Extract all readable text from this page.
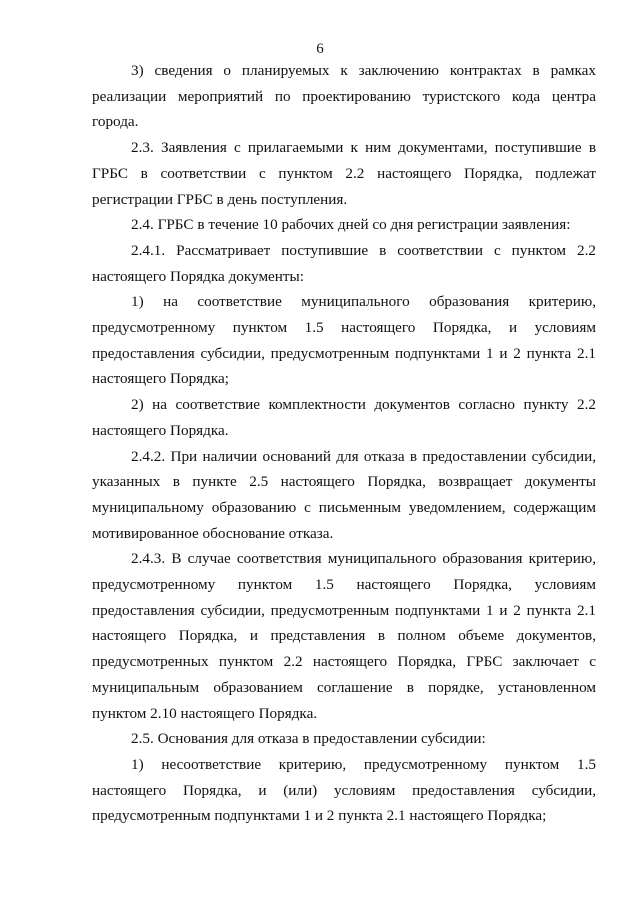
6

3) сведения о планируемых к заключению контрактах в рамках реализации мероприятий по проектированию туристского кода центра города.

2.3. Заявления с прилагаемыми к ним документами, поступившие в ГРБС в соответствии с пунктом 2.2 настоящего Порядка, подлежат регистрации ГРБС в день поступления.

2.4. ГРБС в течение 10 рабочих дней со дня регистрации заявления:

2.4.1. Рассматривает поступившие в соответствии с пунктом 2.2 настоящего Порядка документы:

1) на соответствие муниципального образования критерию, предусмотренному пунктом 1.5 настоящего Порядка, и условиям предоставления субсидии, предусмотренным подпунктами 1 и 2 пункта 2.1 настоящего Порядка;

2) на соответствие комплектности документов согласно пункту 2.2 настоящего Порядка.

2.4.2. При наличии оснований для отказа в предоставлении субсидии, указанных в пункте 2.5 настоящего Порядка, возвращает документы муниципальному образованию с письменным уведомлением, содержащим мотивированное обоснование отказа.

2.4.3. В случае соответствия муниципального образования критерию, предусмотренному пунктом 1.5 настоящего Порядка, условиям предоставления субсидии, предусмотренным подпунктами 1 и 2 пункта 2.1 настоящего Порядка, и представления в полном объеме документов, предусмотренных пунктом 2.2 настоящего Порядка, ГРБС заключает с муниципальным образованием соглашение в порядке, установленном пунктом 2.10 настоящего Порядка.

2.5. Основания для отказа в предоставлении субсидии:

1) несоответствие критерию, предусмотренному пунктом 1.5 настоящего Порядка, и (или) условиям предоставления субсидии, предусмотренным подпунктами 1 и 2 пункта 2.1 настоящего Порядка;
